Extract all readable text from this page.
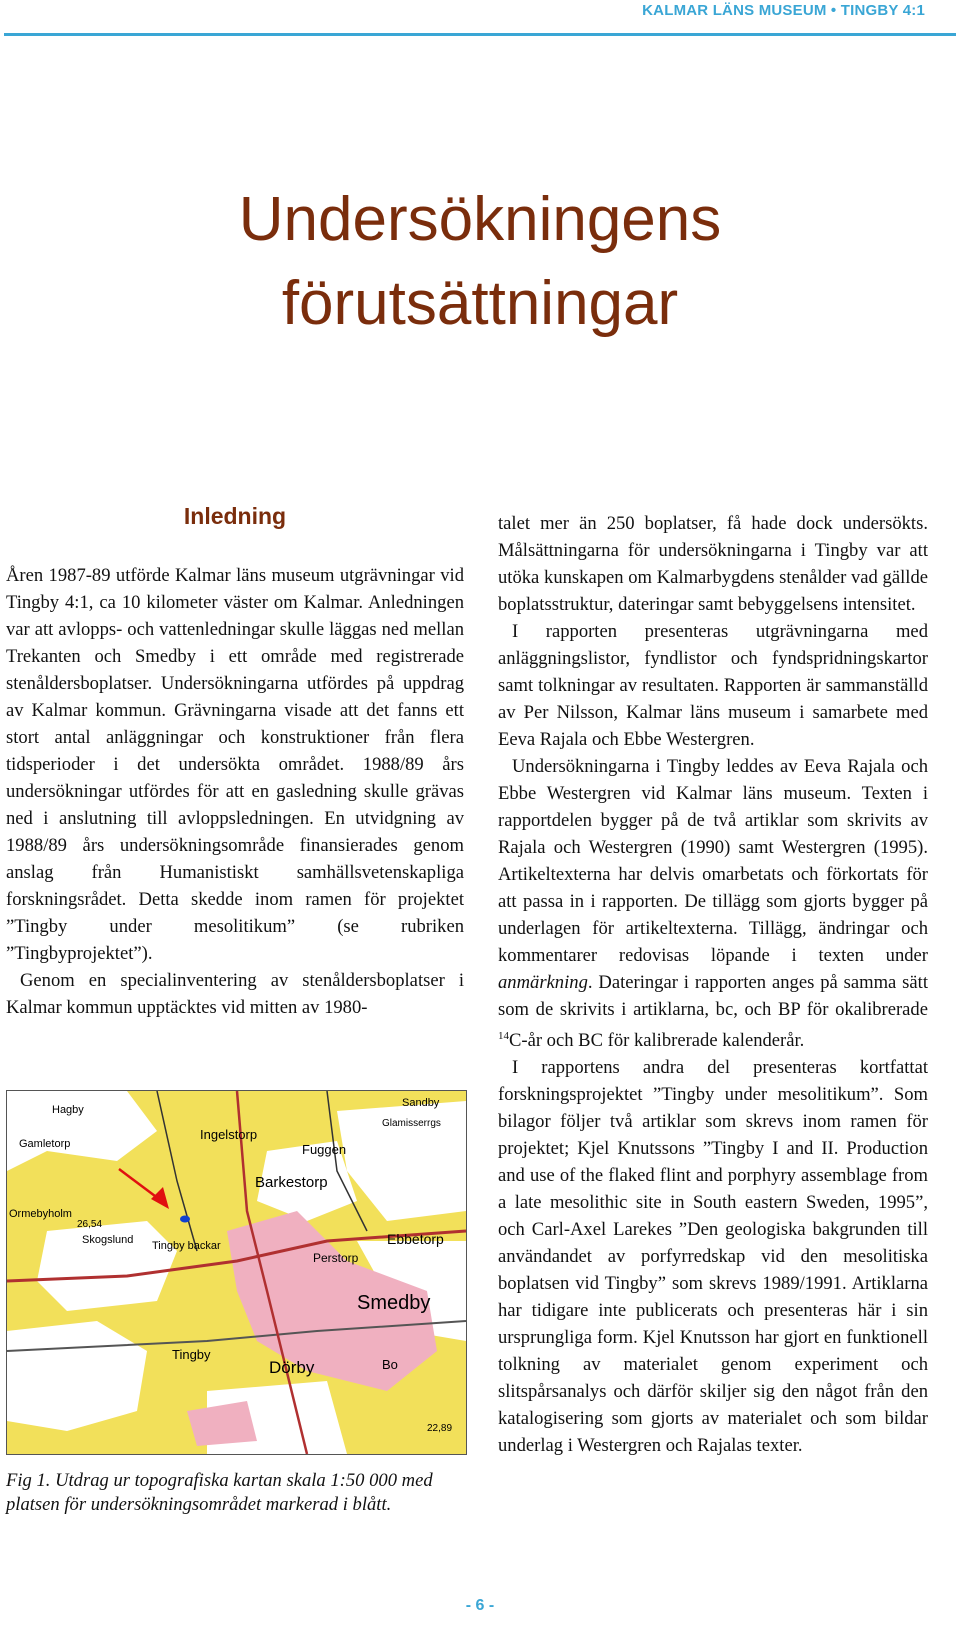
KALMAR LÄNS MUSEUM • TINGBY 4:1
Undersökningens
förutsättningar
Inledning

Åren 1987-89 utförde Kalmar läns museum utgrävningar vid Tingby 4:1, ca 10 kilometer väster om Kalmar. Anledningen var att avlopps- och vattenledningar skulle läggas ned mellan Trekanten och Smedby i ett område med registrerade stenåldersboplatser. Undersökningarna utfördes på uppdrag av Kalmar kommun. Grävningarna visade att det fanns ett stort antal anläggningar och konstruktioner från flera tidsperioder i det undersökta området. 1988/89 års undersökningar utfördes för att en gasledning skulle grävas ned i anslutning till avloppsledningen. En utvidgning av 1988/89 års undersökningsområde finansierades genom anslag från Humanistiskt samhällsvetenskapliga forskningsrådet. Detta skedde inom ramen för projektet ”Tingby under mesolitikum” (se rubriken ”Tingbyprojektet”).

Genom en specialinventering av stenåldersboplatser i Kalmar kommun upptäcktes vid mitten av 1980-

Smedby
Dörby
Tingby
Barkestorp
Ebbetorp
Perstorp
Fuggen
Ingelstorp
Gamletorp
Bo
Tingby backar
Skogslund
Ormebyholm
Hagby
Sandby
Glamisserrgs
26,54
22,89
Fig 1. Utdrag ur topografiska kartan skala 1:50 000 med platsen för undersökningsområdet markerad i blått.

talet mer än 250 boplatser, få hade dock undersökts. Målsättningarna för undersökningarna i Tingby var att utöka kunskapen om Kalmarbygdens stenålder vad gällde boplatsstruktur, dateringar samt bebyggelsens intensitet.

I rapporten presenteras utgrävningarna med anläggningslistor, fyndlistor och fyndspridningskartor samt tolkningar av resultaten. Rapporten är sammanställd av Per Nilsson, Kalmar läns museum i samarbete med Eeva Rajala och Ebbe Westergren.

Undersökningarna i Tingby leddes av Eeva Rajala och Ebbe Westergren vid Kalmar läns museum. Texten i rapportdelen bygger på de två artiklar som skrivits av Rajala och Westergren (1990) samt Westergren (1995). Artikeltexterna har delvis omarbetats och förkortats för att passa in i rapporten. De tillägg som gjorts bygger på underlagen för artikeltexterna. Tillägg, ändringar och kommentarer redovisas löpande i texten under anmärkning. Dateringar i rapporten anges på samma sätt som de skrivits i artiklarna, bc, och BP för okalibrerade $^{14}$C-år och BC för kalibrerade kalenderår.

I rapportens andra del presenteras kortfattat forskningsprojektet ”Tingby under mesolitikum”. Som bilagor följer två artiklar som skrevs inom ramen för projektet; Kjel Knutssons ”Tingby I and II. Production and use of the flaked flint and porphyry assemblage from a late mesolithic site in South eastern Sweden, 1995”, och Carl-Axel Larekes ”Den geologiska bakgrunden till användandet av porfyrredskap vid den mesolitiska boplatsen vid Tingby” som skrevs 1989/1991. Artiklarna har tidigare inte publicerats och presenteras här i sin ursprungliga form. Kjel Knutsson har gjort en funktionell tolkning av materialet genom experiment och slitspårsanalys och därför skiljer sig den något från den katalogisering som gjorts av materialet och som bildar underlag i Westergren och Rajalas texter.

- 6 -
